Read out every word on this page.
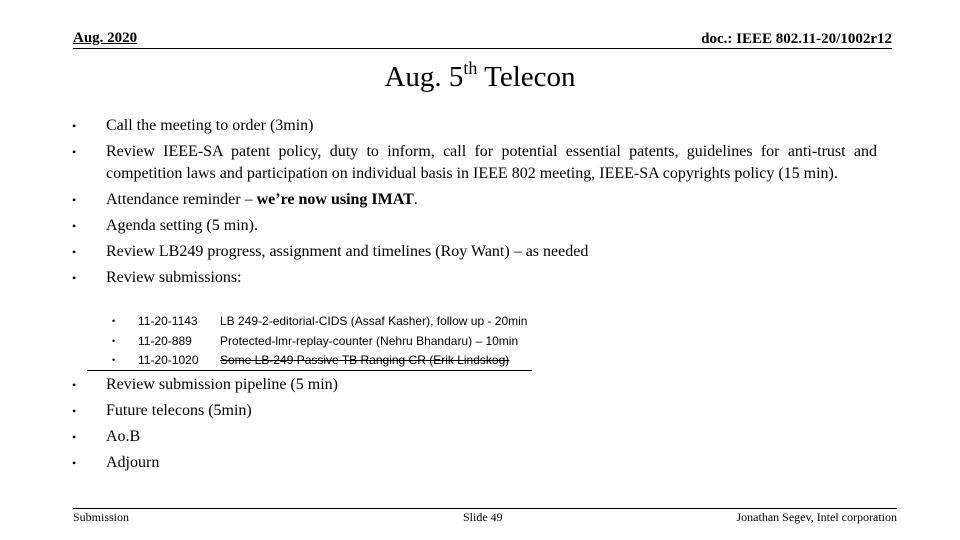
Aug. 2020	doc.: IEEE 802.11-20/1002r12
Aug. 5th Telecon
• Call the meeting to order (3min)
• Review IEEE-SA patent policy, duty to inform, call for potential essential patents, guidelines for anti-trust and competition laws and participation on individual basis in IEEE 802 meeting, IEEE-SA copyrights policy (15 min).
• Attendance reminder – we’re now using IMAT.
• Agenda setting (5 min).
• Review LB249 progress, assignment and timelines (Roy Want) – as needed
• Review submissions:
• 11-20-1143 LB 249-2-editorial-CIDS (Assaf Kasher), follow up - 20min
• 11-20-889 Protected-lmr-replay-counter (Nehru Bhandaru) – 10min
• 11-20-1020 Some LB-249 Passive TB Ranging CR (Erik Lindskog)
• Review submission pipeline (5 min)
• Future telecons (5min)
• Ao.B
• Adjourn
Submission	Slide 49	Jonathan Segev, Intel corporation
